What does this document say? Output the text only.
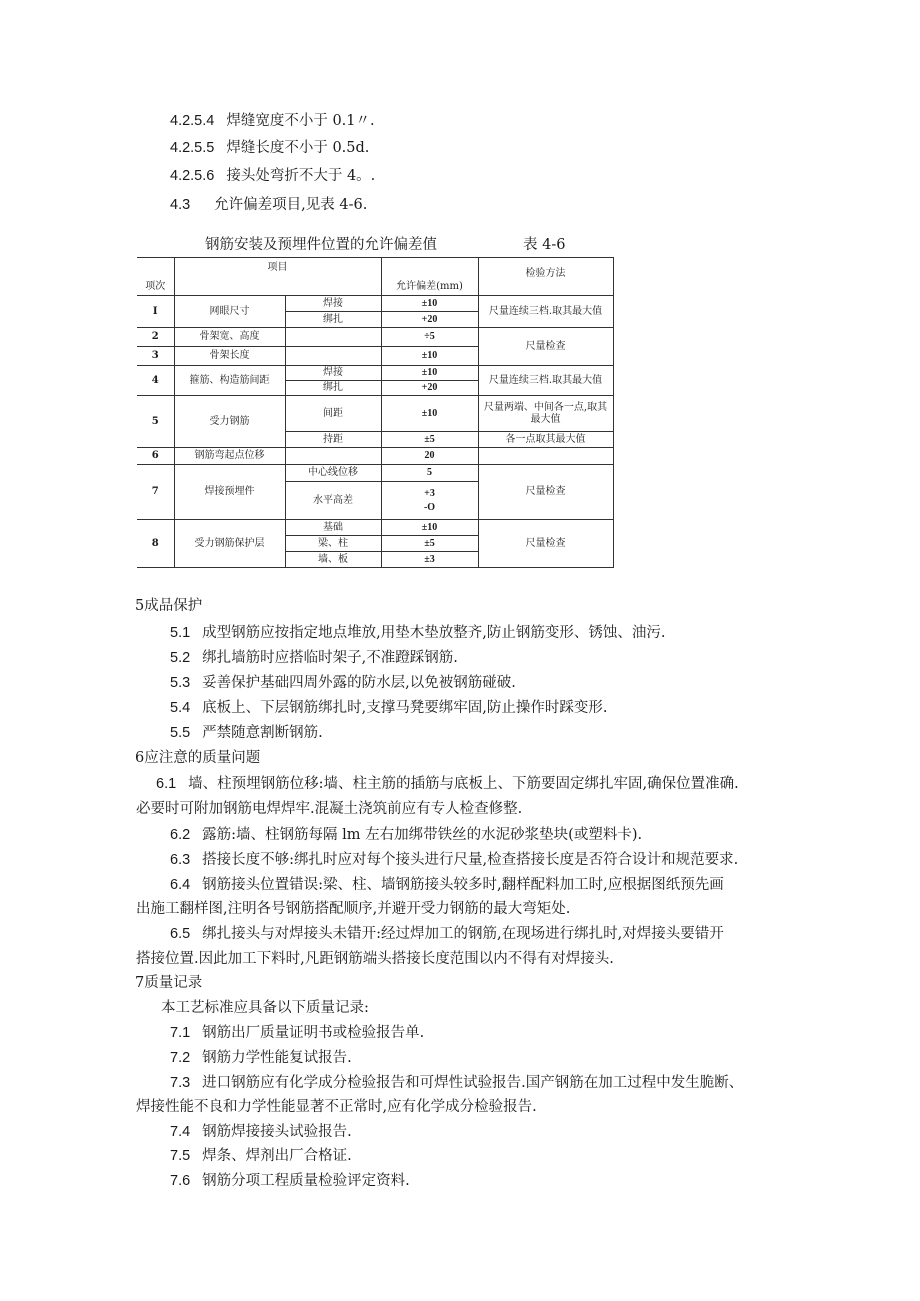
4.2.5.4 焊缝宽度不小于 0.1〃.
4.2.5.5 焊缝长度不小于 0.5d.
4.2.5.6 接头处弯折不大于 4。.
4.3 允许偏差项目,见表 4-6.
钢筋安装及预埋件位置的允许偏差值	表 4-6
项次	项目		允许偏差(mm)	检验方法
I	网眼尺寸	焊接	±10	尺量连续三档.取其最大值
		绑扎	+20	
2	骨架宽、高度		÷5	尺量检查
3	骨架长度		±10	
4	箍筋、构造筋间距	焊接	±10	尺量连续三档.取其最大值
		绑扎	+20	
5	受力钢筋	间距	±10	尺量两端、中间各一点,取其最大值
		持距	±5	各一点取其最大值
6	钢筋弯起点位移		20	
7	焊接预埋件	中心线位移	5	尺量检查
		水平高差	+3
-O	

8	受力钢筋保护层	基础	±10	尺量检查
		梁、柱	±5	
		墙、板	±3	
5成品保护
5.1 成型钢筋应按指定地点堆放,用垫木垫放整齐,防止钢筋变形、锈蚀、油污.
5.2 绑扎墙筋时应搭临时架子,不准蹬踩钢筋.
5.3 妥善保护基础四周外露的防水层,以免被钢筋碰破.
5.4 底板上、下层钢筋绑扎时,支撑马凳要绑牢固,防止操作时踩变形.
5.5 严禁随意割断钢筋.
6应注意的质量问题
6.1 墙、柱预埋钢筋位移:墙、柱主筋的插筋与底板上、下筋要固定绑扎牢固,确保位置准确.
必要时可附加钢筋电焊焊牢.混凝土浇筑前应有专人检查修整.
6.2 露筋:墙、柱钢筋每隔 lm 左右加绑带铁丝的水泥砂浆垫块(或塑料卡).
6.3 搭接长度不够:绑扎时应对每个接头进行尺量,检查搭接长度是否符合设计和规范要求.
6.4 钢筋接头位置错误:梁、柱、墙钢筋接头较多时,翻样配料加工时,应根据图纸预先画
出施工翻样图,注明各号钢筋搭配顺序,并避开受力钢筋的最大弯矩处.
6.5 绑扎接头与对焊接头未错开:经过焊加工的钢筋,在现场进行绑扎时,对焊接头要错开
搭接位置.因此加工下料时,凡距钢筋端头搭接长度范围以内不得有对焊接头.
7质量记录
本工艺标准应具备以下质量记录:
7.1 钢筋出厂质量证明书或检验报告单.
7.2 钢筋力学性能复试报告.
7.3 进口钢筋应有化学成分检验报告和可焊性试验报告.国产钢筋在加工过程中发生脆断、
焊接性能不良和力学性能显著不正常时,应有化学成分检验报告.
7.4 钢筋焊接接头试验报告.
7.5 焊条、焊剂出厂合格证.
7.6 钢筋分项工程质量检验评定资料.
